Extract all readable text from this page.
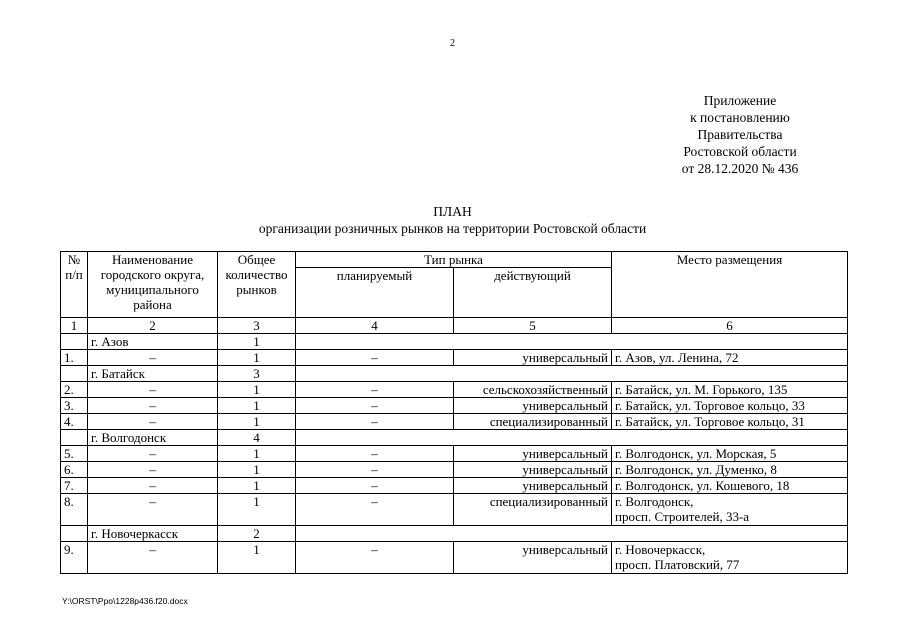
2
Приложение
к постановлению
Правительства
Ростовской области
от 28.12.2020 № 436
ПЛАН
организации розничных рынков на территории Ростовской области
№
п/п	Наименование
городского округа,
муниципального
района	Общее
количество
рынков	Тип рынка		Место размещения
			планируемый	действующий	
1	2	3	4	5	6
	г. Азов	1			
1.	–	1	–	универсальный	г. Азов, ул. Ленина, 72
	г. Батайск	3			
2.	–	1	–	сельскохозяйственный	г. Батайск, ул. М. Горького, 135
3.	–	1	–	универсальный	г. Батайск, ул. Торговое кольцо, 33
4.	–	1	–	специализированный	г. Батайск, ул. Торговое кольцо, 31
	г. Волгодонск	4			
5.	–	1	–	универсальный	г. Волгодонск, ул. Морская, 5
6.	–	1	–	универсальный	г. Волгодонск, ул. Думенко, 8
7.	–	1	–	универсальный	г. Волгодонск, ул. Кошевого, 18
8.	–	1	–	специализированный	г. Волгодонск,
просп. Строителей, 33-а
	г. Новочеркасск	2			
9.	–	1	–	универсальный	г. Новочеркасск,
просп. Платовский, 77
Y:\ORST\Ppo\1228p436.f20.docx
